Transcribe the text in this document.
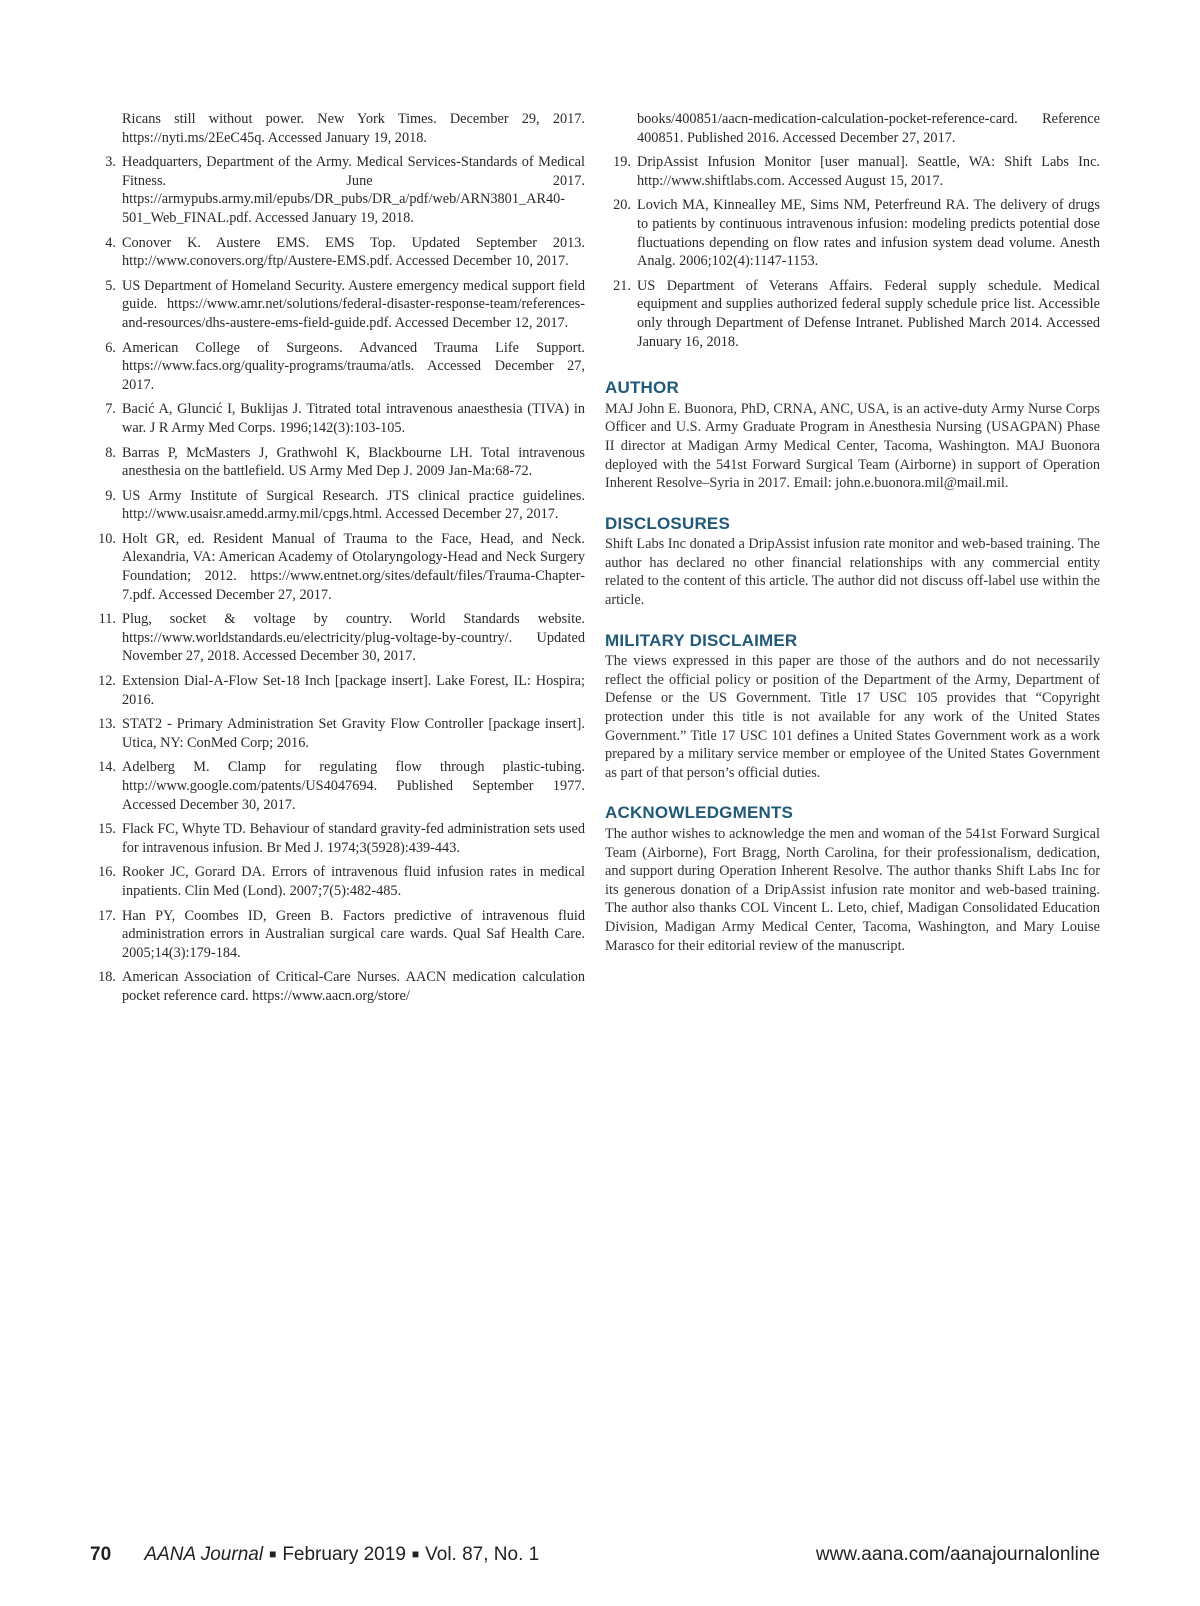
Ricans still without power. New York Times. December 29, 2017. https://nyti.ms/2EeC45q. Accessed January 19, 2018.

3. Headquarters, Department of the Army. Medical Services-Standards of Medical Fitness. June 2017. https://armypubs.army.mil/epubs/DR_pubs/DR_a/pdf/web/ARN3801_AR40-501_Web_FINAL.pdf. Accessed January 19, 2018.
4. Conover K. Austere EMS. EMS Top. Updated September 2013. http://www.conovers.org/ftp/Austere-EMS.pdf. Accessed December 10, 2017.
5. US Department of Homeland Security. Austere emergency medical support field guide. https://www.amr.net/solutions/federal-disaster-response-team/references-and-resources/dhs-austere-ems-field-guide.pdf. Accessed December 12, 2017.
6. American College of Surgeons. Advanced Trauma Life Support. https://www.facs.org/quality-programs/trauma/atls. Accessed December 27, 2017.
7. Bacić A, Gluncić I, Buklijas J. Titrated total intravenous anaesthesia (TIVA) in war. J R Army Med Corps. 1996;142(3):103-105.
8. Barras P, McMasters J, Grathwohl K, Blackbourne LH. Total intravenous anesthesia on the battlefield. US Army Med Dep J. 2009 Jan-Ma:68-72.
9. US Army Institute of Surgical Research. JTS clinical practice guidelines. http://www.usaisr.amedd.army.mil/cpgs.html. Accessed December 27, 2017.
10. Holt GR, ed. Resident Manual of Trauma to the Face, Head, and Neck. Alexandria, VA: American Academy of Otolaryngology-Head and Neck Surgery Foundation; 2012. https://www.entnet.org/sites/default/files/Trauma-Chapter-7.pdf. Accessed December 27, 2017.
11. Plug, socket & voltage by country. World Standards website. https://www.worldstandards.eu/electricity/plug-voltage-by-country/. Updated November 27, 2018. Accessed December 30, 2017.
12. Extension Dial-A-Flow Set-18 Inch [package insert]. Lake Forest, IL: Hospira; 2016.
13. STAT2 - Primary Administration Set Gravity Flow Controller [package insert]. Utica, NY: ConMed Corp; 2016.
14. Adelberg M. Clamp for regulating flow through plastic-tubing. http://www.google.com/patents/US4047694. Published September 1977. Accessed December 30, 2017.
15. Flack FC, Whyte TD. Behaviour of standard gravity-fed administration sets used for intravenous infusion. Br Med J. 1974;3(5928):439-443.
16. Rooker JC, Gorard DA. Errors of intravenous fluid infusion rates in medical inpatients. Clin Med (Lond). 2007;7(5):482-485.
17. Han PY, Coombes ID, Green B. Factors predictive of intravenous fluid administration errors in Australian surgical care wards. Qual Saf Health Care. 2005;14(3):179-184.
18. American Association of Critical-Care Nurses. AACN medication calculation pocket reference card. https://www.aacn.org/store/

books/400851/aacn-medication-calculation-pocket-reference-card. Reference 400851. Published 2016. Accessed December 27, 2017.

19. DripAssist Infusion Monitor [user manual]. Seattle, WA: Shift Labs Inc. http://www.shiftlabs.com. Accessed August 15, 2017.
20. Lovich MA, Kinnealley ME, Sims NM, Peterfreund RA. The delivery of drugs to patients by continuous intravenous infusion: modeling predicts potential dose fluctuations depending on flow rates and infusion system dead volume. Anesth Analg. 2006;102(4):1147-1153.
21. US Department of Veterans Affairs. Federal supply schedule. Medical equipment and supplies authorized federal supply schedule price list. Accessible only through Department of Defense Intranet. Published March 2014. Accessed January 16, 2018.
AUTHOR

MAJ John E. Buonora, PhD, CRNA, ANC, USA, is an active-duty Army Nurse Corps Officer and U.S. Army Graduate Program in Anesthesia Nursing (USAGPAN) Phase II director at Madigan Army Medical Center, Tacoma, Washington. MAJ Buonora deployed with the 541st Forward Surgical Team (Airborne) in support of Operation Inherent Resolve–Syria in 2017. Email: john.e.buonora.mil@mail.mil.

DISCLOSURES

Shift Labs Inc donated a DripAssist infusion rate monitor and web-based training. The author has declared no other financial relationships with any commercial entity related to the content of this article. The author did not discuss off-label use within the article.

MILITARY DISCLAIMER

The views expressed in this paper are those of the authors and do not necessarily reflect the official policy or position of the Department of the Army, Department of Defense or the US Government. Title 17 USC 105 provides that “Copyright protection under this title is not available for any work of the United States Government.” Title 17 USC 101 defines a United States Government work as a work prepared by a military service member or employee of the United States Government as part of that person’s official duties.

ACKNOWLEDGMENTS

The author wishes to acknowledge the men and woman of the 541st Forward Surgical Team (Airborne), Fort Bragg, North Carolina, for their professionalism, dedication, and support during Operation Inherent Resolve. The author thanks Shift Labs Inc for its generous donation of a DripAssist infusion rate monitor and web-based training. The author also thanks COL Vincent L. Leto, chief, Madigan Consolidated Education Division, Madigan Army Medical Center, Tacoma, Washington, and Mary Louise Marasco for their editorial review of the manuscript.

70 AANA Journal ■ February 2019 ■ Vol. 87, No. 1	www.aana.com/aanajournalonline
